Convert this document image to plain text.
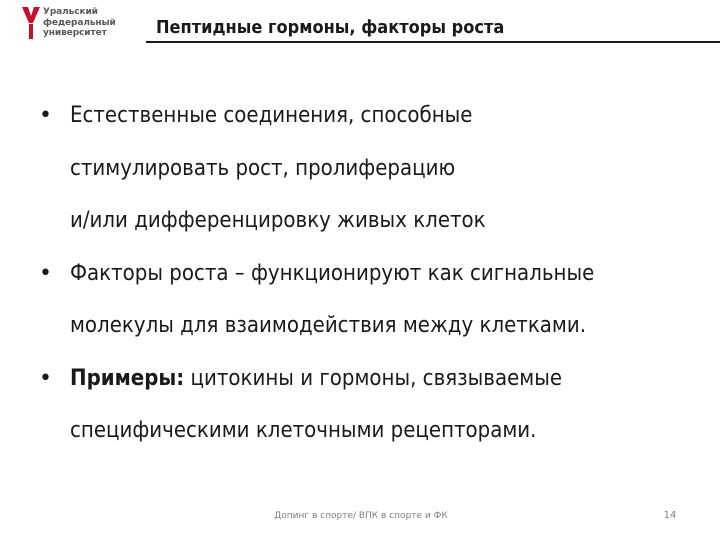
Уральский
федеральный
университет	Пептидные гормоны, факторы роста
• Естественные соединения, способные
стимулировать рост, пролиферацию
и/или дифференцировку живых клеток
• Факторы роста – функционируют как сигнальные
молекулы для взаимодействия между клетками.
• Примеры: цитокины и гормоны, связываемые
специфическими клеточными рецепторами.
Допинг в спорте/ ВПК в спорте и ФК	14
